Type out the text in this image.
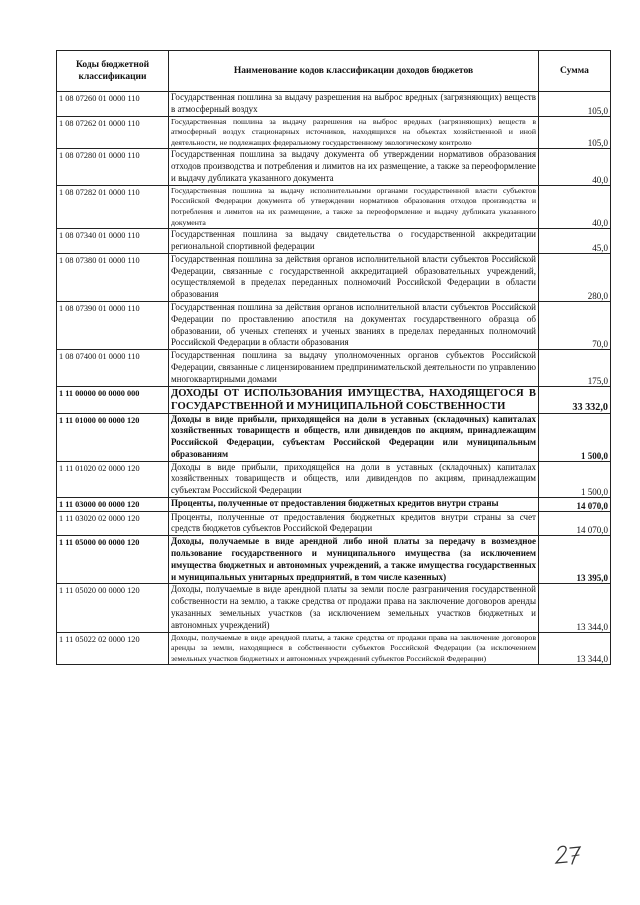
Коды бюджетной классификации	Наименование кодов классификации доходов бюджетов	Сумма
1 08 07260 01 0000 110	Государственная пошлина за выдачу разрешения на выброс вредных (загрязняющих) веществ в атмосферный воздух	105,0
1 08 07262 01 0000 110	Государственная пошлина за выдачу разрешения на выброс вредных (загрязняющих) веществ в атмосферный воздух стационарных источников, находящихся на объектах хозяйственной и иной деятельности, не подлежащих федеральному государственному экологическому контролю	105,0
1 08 07280 01 0000 110	Государственная пошлина за выдачу документа об утверждении нормативов образования отходов производства и потребления и лимитов на их размещение, а также за переоформление и выдачу дубликата указанного документа	40,0
1 08 07282 01 0000 110	Государственная пошлина за выдачу исполнительными органами государственной власти субъектов Российской Федерации документа об утверждении нормативов образования отходов производства и потребления и лимитов на их размещение, а также за переоформление и выдачу дубликата указанного документа	40,0
1 08 07340 01 0000 110	Государственная пошлина за выдачу свидетельства о государственной аккредитации региональной спортивной федерации	45,0
1 08 07380 01 0000 110	Государственная пошлина за действия органов исполнительной власти субъектов Российской Федерации, связанные с государственной аккредитацией образовательных учреждений, осуществляемой в пределах переданных полномочий Российской Федерации в области образования	280,0
1 08 07390 01 0000 110	Государственная пошлина за действия органов исполнительной власти субъектов Российской Федерации по проставлению апостиля на документах государственного образца об образовании, об ученых степенях и ученых званиях в пределах переданных полномочий Российской Федерации в области образования	70,0
1 08 07400 01 0000 110	Государственная пошлина за выдачу уполномоченных органов субъектов Российской Федерации, связанные с лицензированием предпринимательской деятельности по управлению многоквартирными домами	175,0
1 11 00000 00 0000 000	ДОХОДЫ ОТ ИСПОЛЬЗОВАНИЯ ИМУЩЕСТВА, НАХОДЯЩЕГОСЯ В ГОСУДАРСТВЕННОЙ И МУНИЦИПАЛЬНОЙ СОБСТВЕННОСТИ	33 332,0
1 11 01000 00 0000 120	Доходы в виде прибыли, приходящейся на доли в уставных (складочных) капиталах хозяйственных товариществ и обществ, или дивидендов по акциям, принадлежащим Российской Федерации, субъектам Российской Федерации или муниципальным образованиям	1 500,0
1 11 01020 02 0000 120	Доходы в виде прибыли, приходящейся на доли в уставных (складочных) капиталах хозяйственных товариществ и обществ, или дивидендов по акциям, принадлежащим субъектам Российской Федерации	1 500,0
1 11 03000 00 0000 120	Проценты, полученные от предоставления бюджетных кредитов внутри страны	14 070,0
1 11 03020 02 0000 120	Проценты, полученные от предоставления бюджетных кредитов внутри страны за счет средств бюджетов субъектов Российской Федерации	14 070,0
1 11 05000 00 0000 120	Доходы, получаемые в виде арендной либо иной платы за передачу в возмездное пользование государственного и муниципального имущества (за исключением имущества бюджетных и автономных учреждений, а также имущества государственных и муниципальных унитарных предприятий, в том числе казенных)	13 395,0
1 11 05020 00 0000 120	Доходы, получаемые в виде арендной платы за земли после разграничения государственной собственности на землю, а также средства от продажи права на заключение договоров аренды указанных земельных участков (за исключением земельных участков бюджетных и автономных учреждений)	13 344,0
1 11 05022 02 0000 120	Доходы, получаемые в виде арендной платы, а также средства от продажи права на заключение договоров аренды за земли, находящиеся в собственности субъектов Российской Федерации (за исключением земельных участков бюджетных и автономных учреждений субъектов Российской Федерации)	13 344,0
